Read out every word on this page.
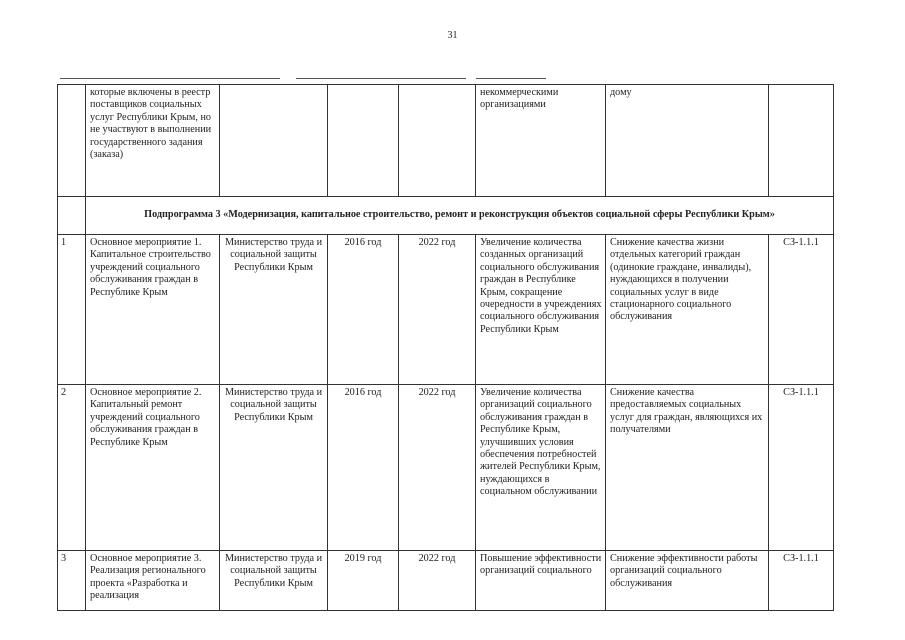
31
	которые включены в реестр поставщиков социальных услуг Республики Крым, но не участвуют в выполнении государственного задания (заказа)				некоммерческими организациями	дому	
	Подпрограмма 3 «Модернизация, капитальное строительство, ремонт и реконструкция объектов социальной сферы Республики Крым»						
1	Основное мероприятие 1. Капитальное строительство учреждений социального обслуживания граждан в Республике Крым	Министерство труда и социальной защиты Республики Крым	2016 год	2022 год	Увеличение количества созданных организаций социального обслуживания граждан в Республике Крым, сокращение очередности в учреждениях социального обслуживания Республики Крым	Снижение качества жизни отдельных категорий граждан (одинокие граждане, инвалиды), нуждающихся в получении социальных услуг в виде стационарного социального обслуживания	СЗ-1.1.1
2	Основное мероприятие 2. Капитальный ремонт учреждений социального обслуживания граждан в Республике Крым	Министерство труда и социальной защиты Республики Крым	2016 год	2022 год	Увеличение количества организаций социального обслуживания граждан в Республике Крым, улучшивших условия обеспечения потребностей жителей Республики Крым, нуждающихся в социальном обслуживании	Снижение качества предоставляемых социальных услуг для граждан, являющихся их получателями	СЗ-1.1.1
3	Основное мероприятие 3. Реализация регионального проекта «Разработка и реализация	Министерство труда и социальной защиты Республики Крым	2019 год	2022 год	Повышение эффективности организаций социального	Снижение эффективности работы организаций социального обслуживания	СЗ-1.1.1
